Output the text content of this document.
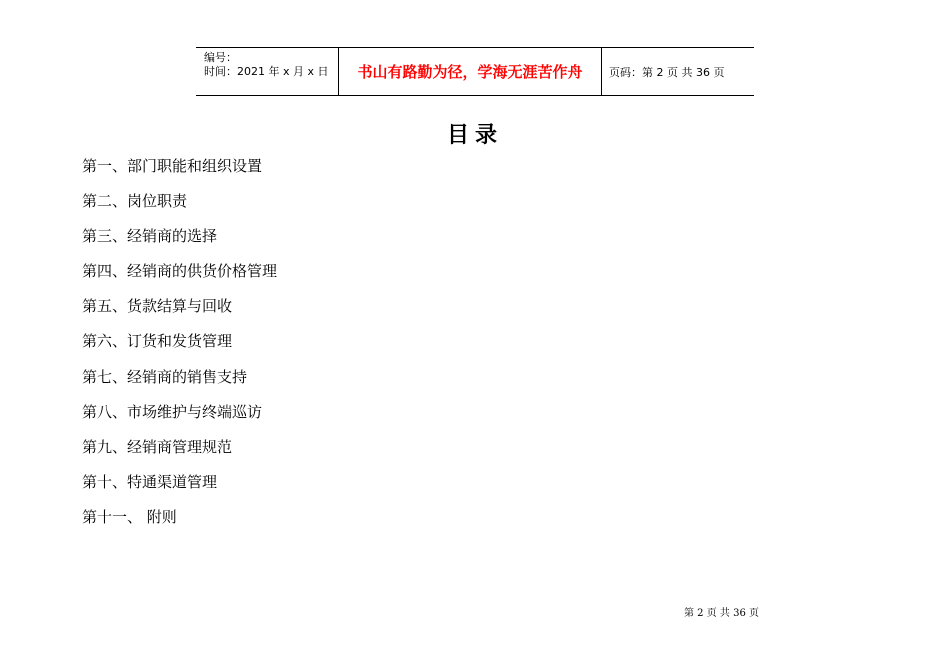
编号：
时间：2021 年 x 月 x 日	书山有路勤为径，学海无涯苦作舟 页码：第 2 页 共 36 页
目录
第一、部门职能和组织设置
第二、岗位职责
第三、经销商的选择
第四、经销商的供货价格管理
第五、货款结算与回收
第六、订货和发货管理
第七、经销商的销售支持
第八、市场维护与终端巡访
第九、经销商管理规范
第十、特通渠道管理
第十一、 附则
第 2 页 共 36 页
